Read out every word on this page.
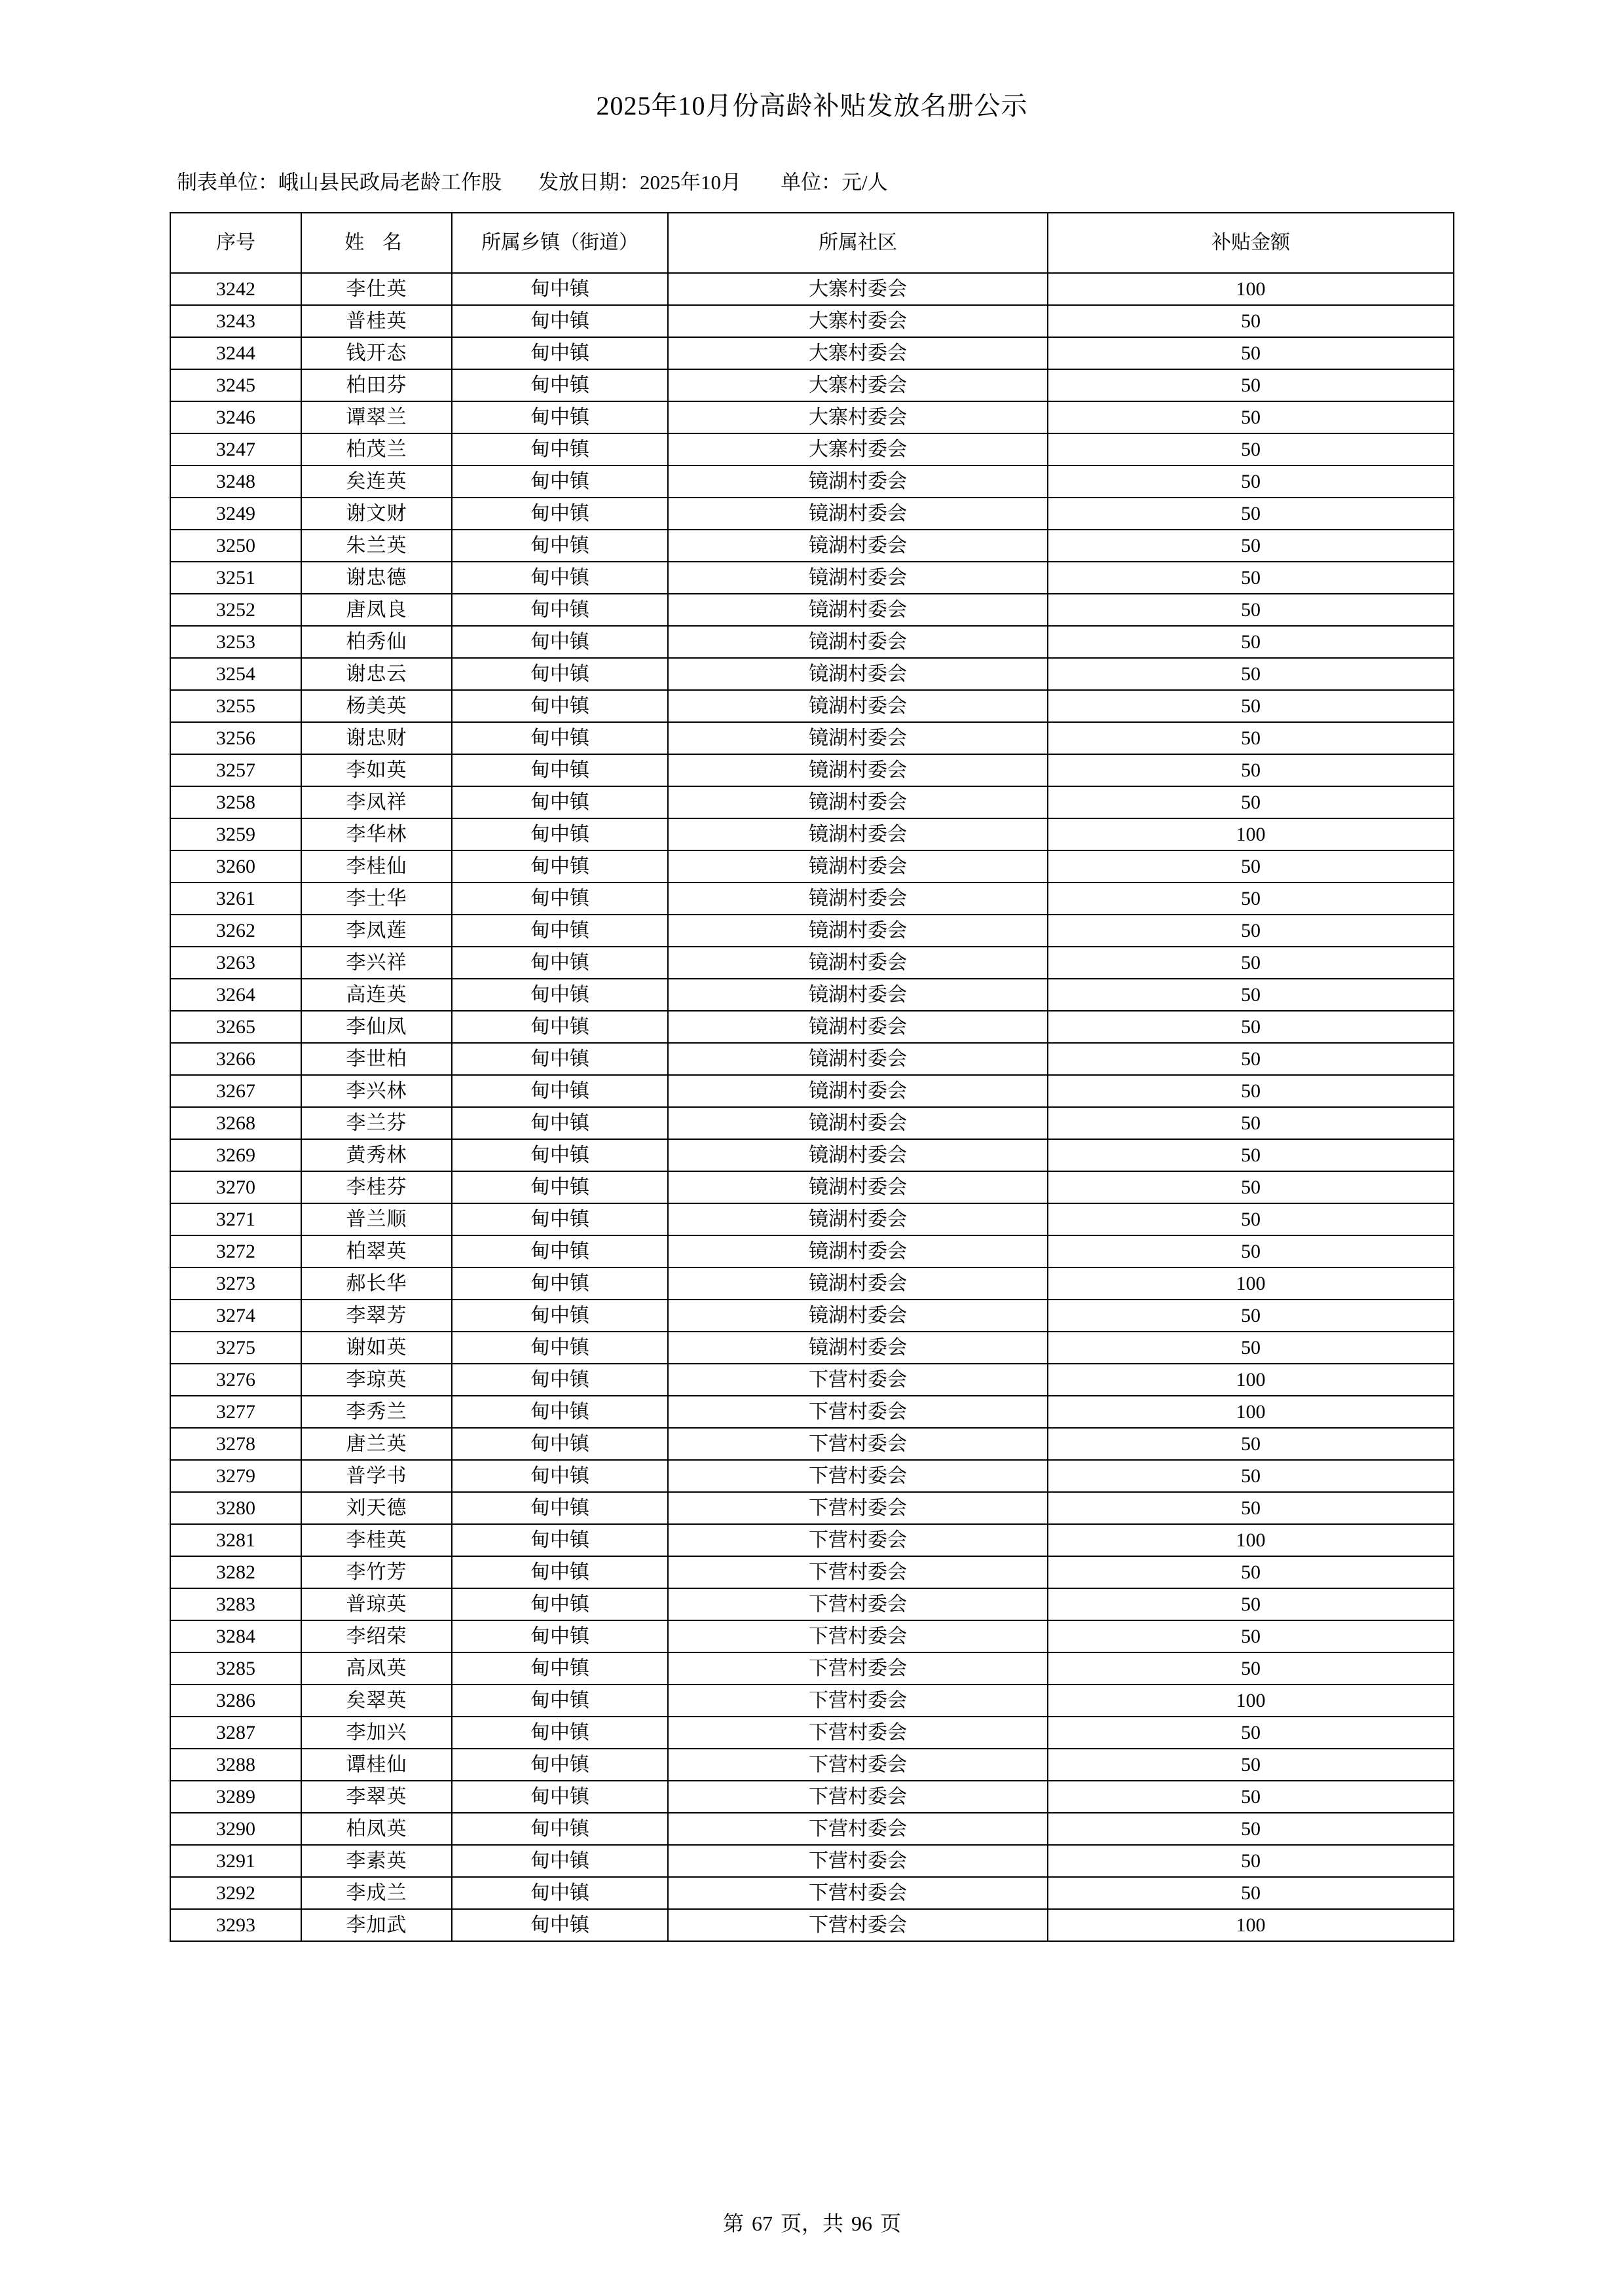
2025年10月份高龄补贴发放名册公示
制表单位：峨山县民政局老龄工作股 发放日期：2025年10月 单位：元/人
序号	姓 名	所属乡镇（街道）	所属社区	补贴金额
3242	李仕英	甸中镇	大寨村委会	100
3243	普桂英	甸中镇	大寨村委会	50
3244	钱开态	甸中镇	大寨村委会	50
3245	柏田芬	甸中镇	大寨村委会	50
3246	谭翠兰	甸中镇	大寨村委会	50
3247	柏茂兰	甸中镇	大寨村委会	50
3248	矣连英	甸中镇	镜湖村委会	50
3249	谢文财	甸中镇	镜湖村委会	50
3250	朱兰英	甸中镇	镜湖村委会	50
3251	谢忠德	甸中镇	镜湖村委会	50
3252	唐凤良	甸中镇	镜湖村委会	50
3253	柏秀仙	甸中镇	镜湖村委会	50
3254	谢忠云	甸中镇	镜湖村委会	50
3255	杨美英	甸中镇	镜湖村委会	50
3256	谢忠财	甸中镇	镜湖村委会	50
3257	李如英	甸中镇	镜湖村委会	50
3258	李凤祥	甸中镇	镜湖村委会	50
3259	李华林	甸中镇	镜湖村委会	100
3260	李桂仙	甸中镇	镜湖村委会	50
3261	李士华	甸中镇	镜湖村委会	50
3262	李凤莲	甸中镇	镜湖村委会	50
3263	李兴祥	甸中镇	镜湖村委会	50
3264	高连英	甸中镇	镜湖村委会	50
3265	李仙凤	甸中镇	镜湖村委会	50
3266	李世柏	甸中镇	镜湖村委会	50
3267	李兴林	甸中镇	镜湖村委会	50
3268	李兰芬	甸中镇	镜湖村委会	50
3269	黄秀林	甸中镇	镜湖村委会	50
3270	李桂芬	甸中镇	镜湖村委会	50
3271	普兰顺	甸中镇	镜湖村委会	50
3272	柏翠英	甸中镇	镜湖村委会	50
3273	郝长华	甸中镇	镜湖村委会	100
3274	李翠芳	甸中镇	镜湖村委会	50
3275	谢如英	甸中镇	镜湖村委会	50
3276	李琼英	甸中镇	下营村委会	100
3277	李秀兰	甸中镇	下营村委会	100
3278	唐兰英	甸中镇	下营村委会	50
3279	普学书	甸中镇	下营村委会	50
3280	刘天德	甸中镇	下营村委会	50
3281	李桂英	甸中镇	下营村委会	100
3282	李竹芳	甸中镇	下营村委会	50
3283	普琼英	甸中镇	下营村委会	50
3284	李绍荣	甸中镇	下营村委会	50
3285	高凤英	甸中镇	下营村委会	50
3286	矣翠英	甸中镇	下营村委会	100
3287	李加兴	甸中镇	下营村委会	50
3288	谭桂仙	甸中镇	下营村委会	50
3289	李翠英	甸中镇	下营村委会	50
3290	柏凤英	甸中镇	下营村委会	50
3291	李素英	甸中镇	下营村委会	50
3292	李成兰	甸中镇	下营村委会	50
3293	李加武	甸中镇	下营村委会	100
第 67 页，共 96 页
